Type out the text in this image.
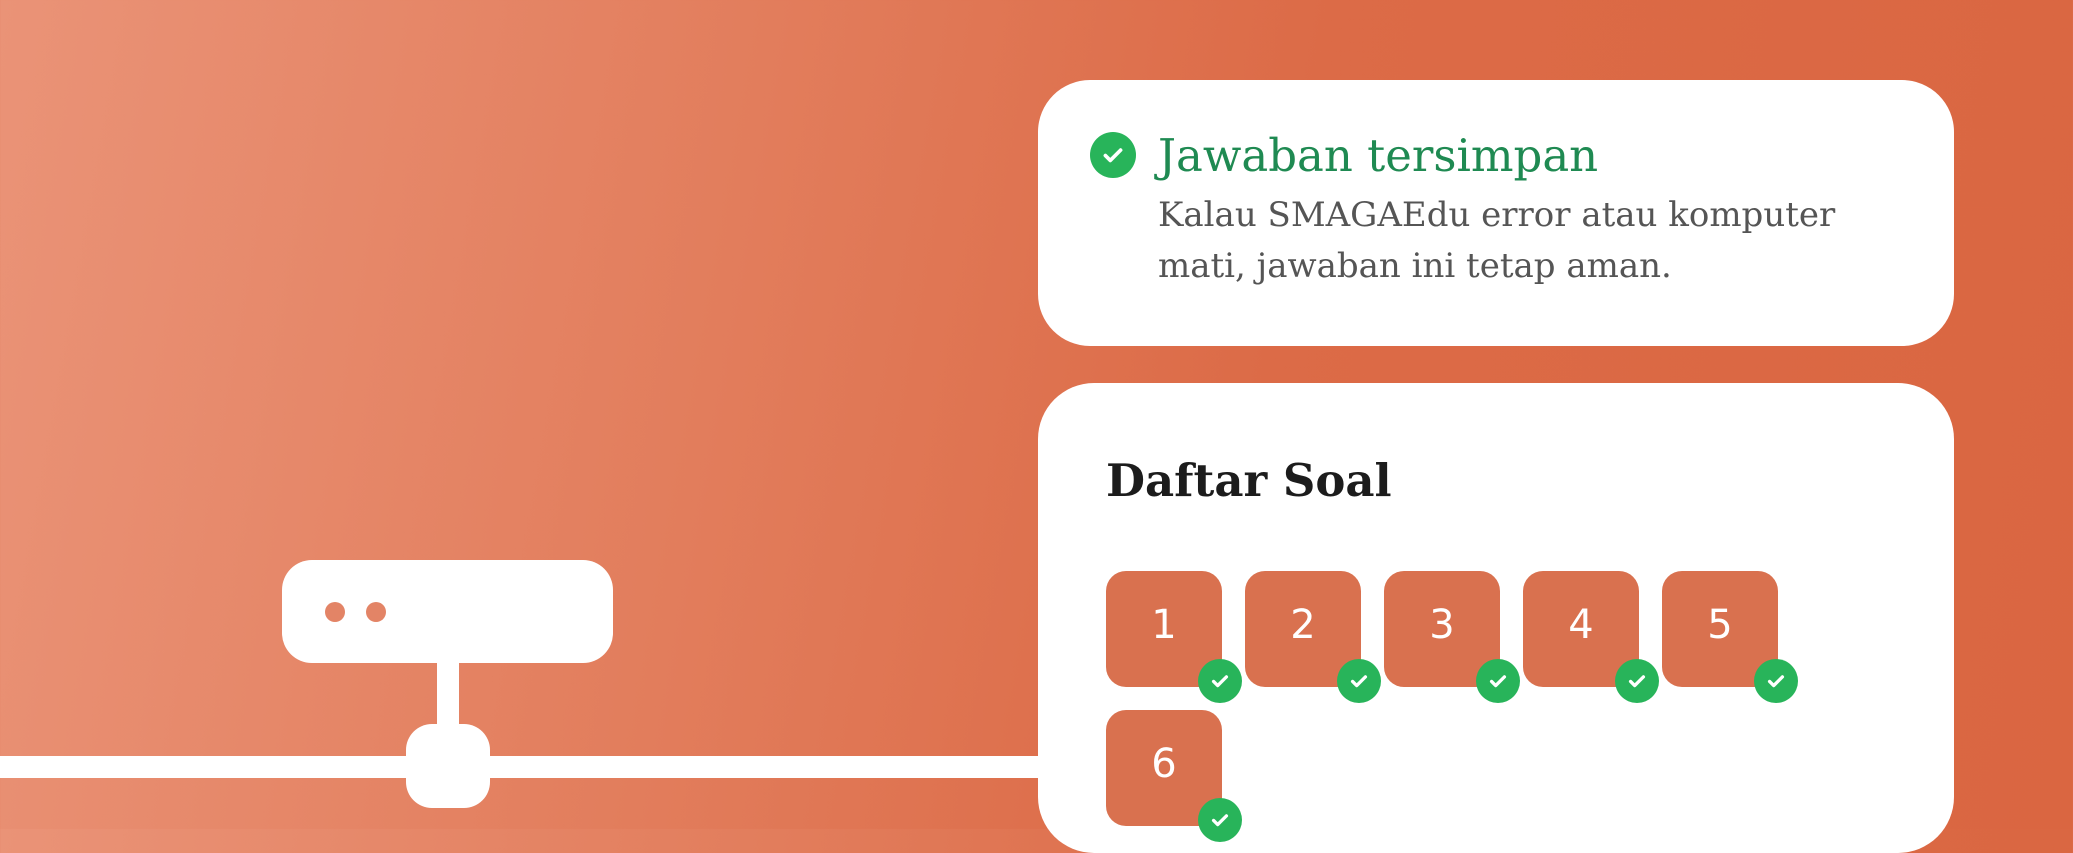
Jawaban tersimpan
Kalau SMAGAEdu error atau komputer mati, jawaban ini tetap aman.
Daftar Soal
1	2	3	4	5
6
